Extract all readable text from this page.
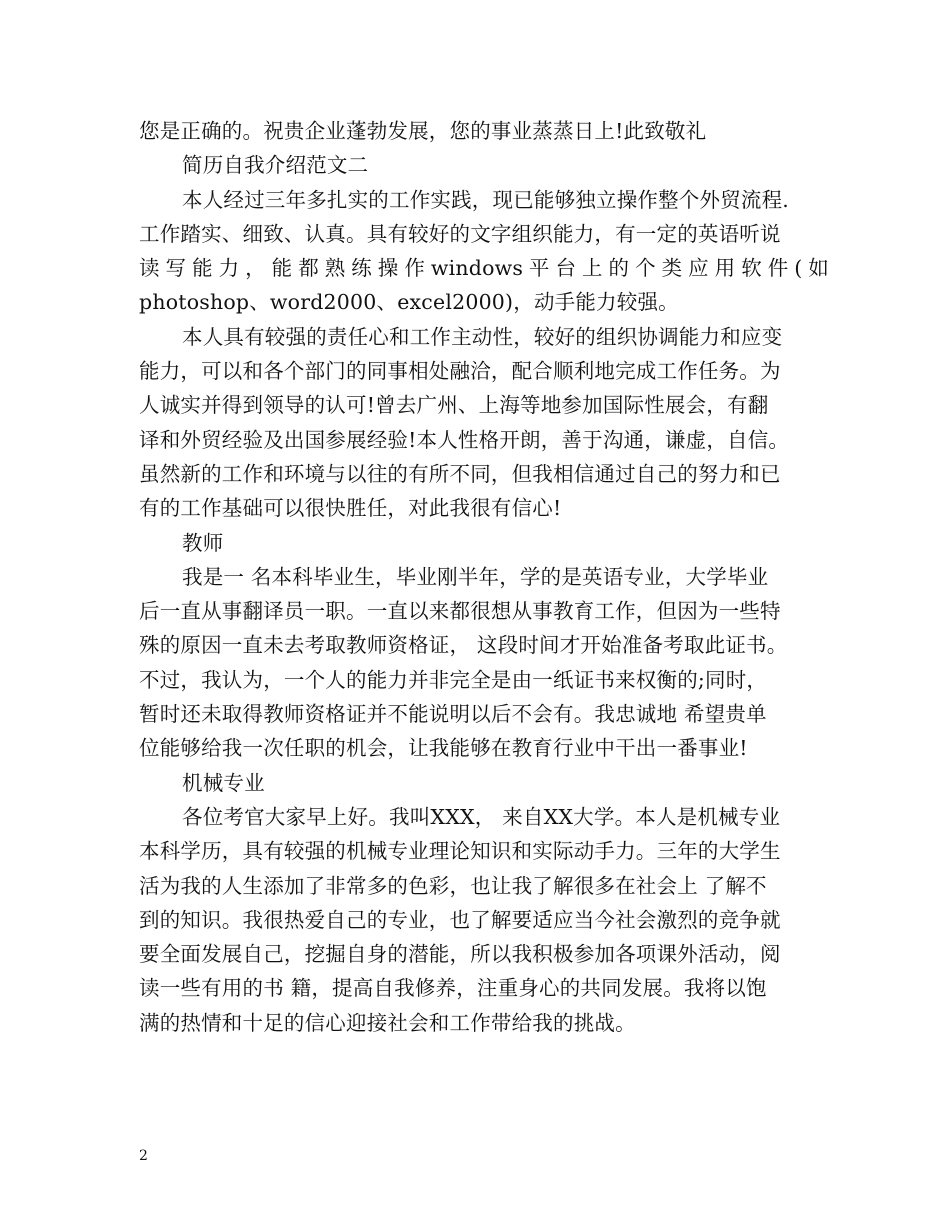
您是正确的。祝贵企业蓬勃发展，您的事业蒸蒸日上!此致敬礼
简历自我介绍范文二
本人经过三年多扎实的工作实践，现已能够独立操作整个外贸流程.
工作踏实、细致、认真。具有较好的文字组织能力，有一定的英语听说
读写能力，能都熟练操作windows平台上的个类应用软件(如
photoshop、word2000、excel2000)，动手能力较强。
本人具有较强的责任心和工作主动性，较好的组织协调能力和应变
能力，可以和各个部门的同事相处融洽，配合顺利地完成工作任务。为
人诚实并得到领导的认可!曾去广州、上海等地参加国际性展会，有翻
译和外贸经验及出国参展经验!本人性格开朗，善于沟通，谦虚，自信。
虽然新的工作和环境与以往的有所不同，但我相信通过自己的努力和已
有的工作基础可以很快胜任，对此我很有信心!
教师
我是一 名本科毕业生，毕业刚半年，学的是英语专业，大学毕业
后一直从事翻译员一职。一直以来都很想从事教育工作，但因为一些特
殊的原因一直未去考取教师资格证， 这段时间才开始准备考取此证书。
不过，我认为，一个人的能力并非完全是由一纸证书来权衡的;同时，
暂时还未取得教师资格证并不能说明以后不会有。我忠诚地 希望贵单
位能够给我一次任职的机会，让我能够在教育行业中干出一番事业!
机械专业
各位考官大家早上好。我叫XXX， 来自XX大学。本人是机械专业
本科学历，具有较强的机械专业理论知识和实际动手力。三年的大学生
活为我的人生添加了非常多的色彩，也让我了解很多在社会上 了解不
到的知识。我很热爱自己的专业，也了解要适应当今社会激烈的竞争就
要全面发展自己，挖掘自身的潜能，所以我积极参加各项课外活动，阅
读一些有用的书 籍，提高自我修养，注重身心的共同发展。我将以饱
满的热情和十足的信心迎接社会和工作带给我的挑战。
2
